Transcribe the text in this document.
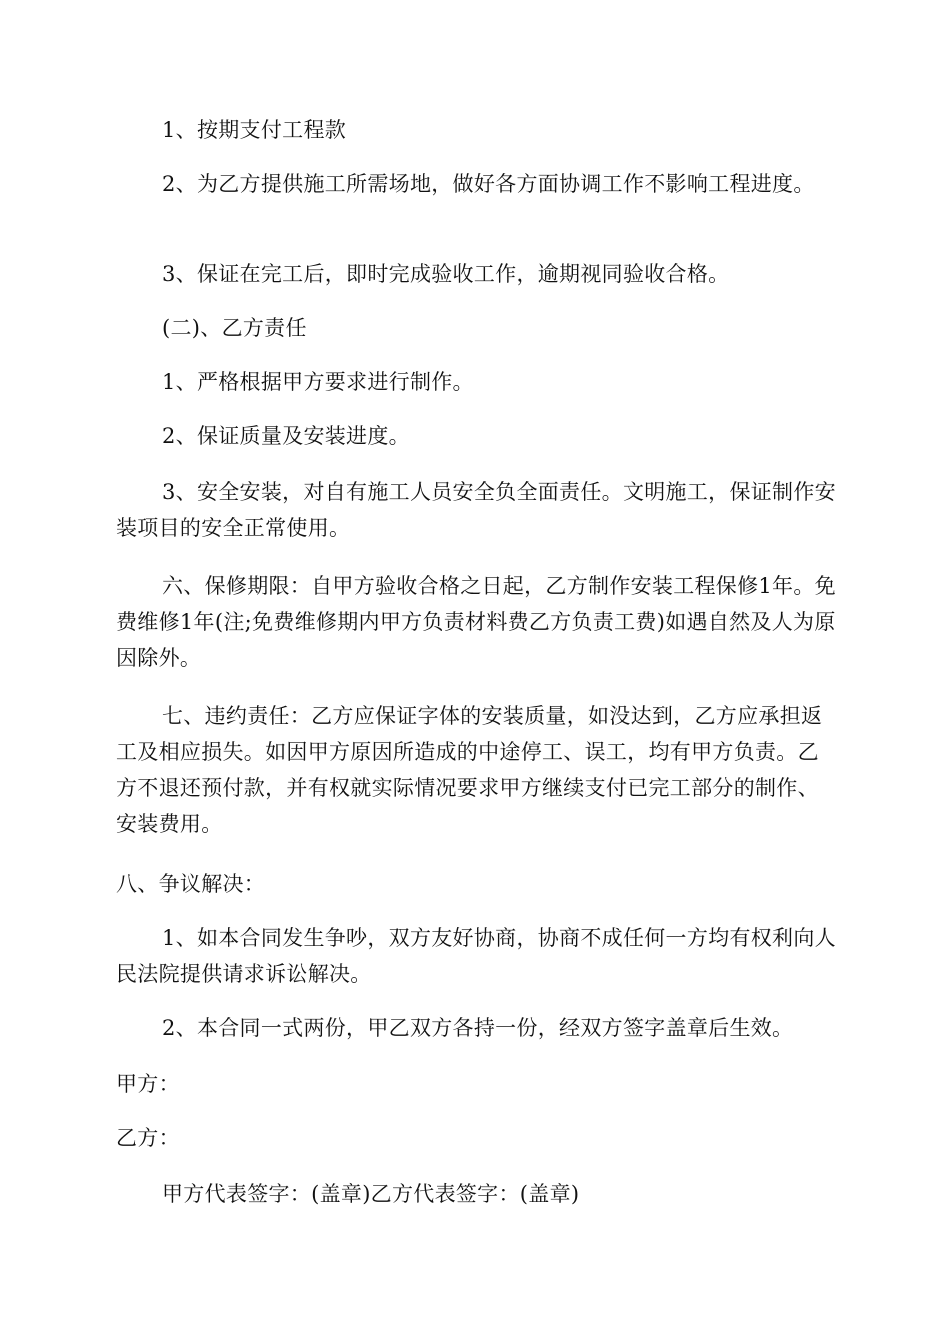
1、按期支付工程款

2、为乙方提供施工所需场地，做好各方面协调工作不影响工程进度。

3、保证在完工后，即时完成验收工作，逾期视同验收合格。

(二)、乙方责任

1、严格根据甲方要求进行制作。

2、保证质量及安装进度。

3、安全安装，对自有施工人员安全负全面责任。文明施工，保证制作安装项目的安全正常使用。

六、保修期限：自甲方验收合格之日起，乙方制作安装工程保修1年。免费维修1年(注;免费维修期内甲方负责材料费乙方负责工费)如遇自然及人为原因除外。

七、违约责任：乙方应保证字体的安装质量，如没达到，乙方应承担返工及相应损失。如因甲方原因所造成的中途停工、误工，均有甲方负责。乙方不退还预付款，并有权就实际情况要求甲方继续支付已完工部分的制作、安装费用。

八、争议解决：

1、如本合同发生争吵，双方友好协商，协商不成任何一方均有权利向人民法院提供请求诉讼解决。

2、本合同一式两份，甲乙双方各持一份，经双方签字盖章后生效。

甲方：

乙方：

甲方代表签字：(盖章)乙方代表签字：(盖章)
